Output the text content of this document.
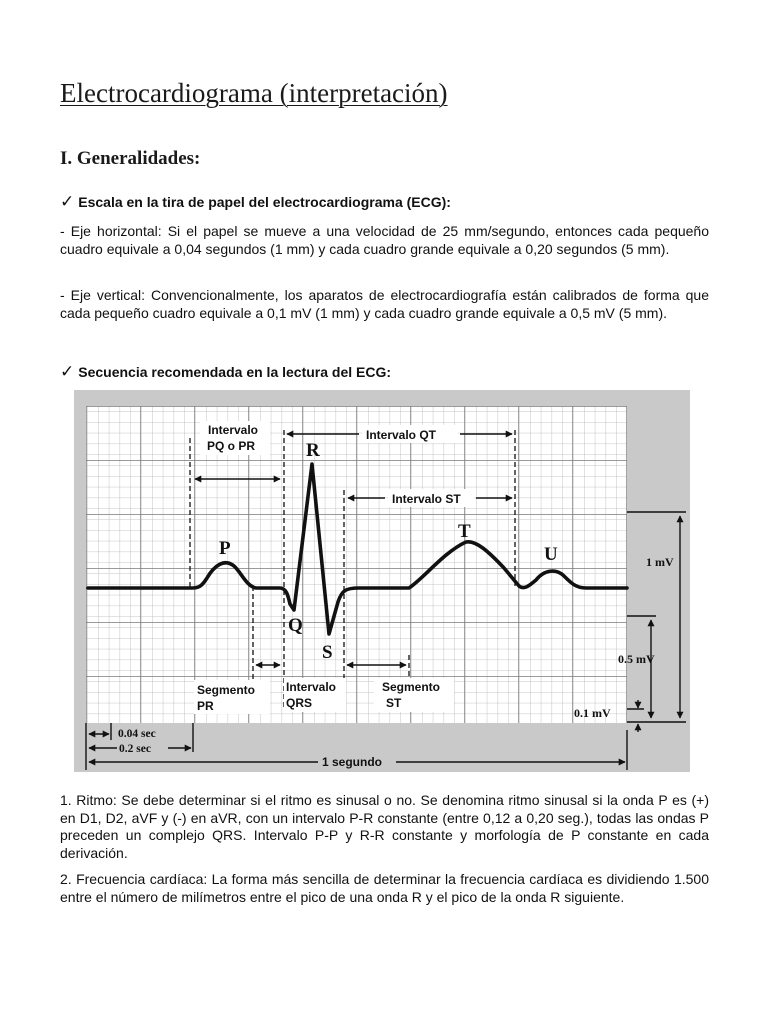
Electrocardiograma (interpretación)
I. Generalidades:
✓ Escala en la tira de papel del electrocardiograma (ECG):

- Eje horizontal: Si el papel se mueve a una velocidad de 25 mm/segundo, entonces cada pequeño cuadro equivale a 0,04 segundos (1 mm) y cada cuadro grande equivale a 0,20 segundos (5 mm).

- Eje vertical: Convencionalmente, los aparatos de electrocardiografía están calibrados de forma que cada pequeño cuadro equivale a 0,1 mV (1 mm) y cada cuadro grande equivale a 0,5 mV (5 mm).

✓ Secuencia recomendada en la lectura del ECG:
P
Q
R
S
T
U
Intervalo
PQ o PR
Intervalo QT
Intervalo ST
Segmento
PR
Intervalo
QRS
Segmento
ST
1 mV
0.5 mV
0.1 mV
0.04 sec
0.2 sec
1 segundo

1. Ritmo: Se debe determinar si el ritmo es sinusal o no. Se denomina ritmo sinusal si la onda P es (+) en D1, D2, aVF y (-) en aVR, con un intervalo P-R constante (entre 0,12 a 0,20 seg.), todas las ondas P preceden un complejo QRS. Intervalo P-P y R-R constante y morfología de P constante en cada derivación.

2. Frecuencia cardíaca: La forma más sencilla de determinar la frecuencia cardíaca es dividiendo 1.500 entre el número de milímetros entre el pico de una onda R y el pico de la onda R siguiente.
